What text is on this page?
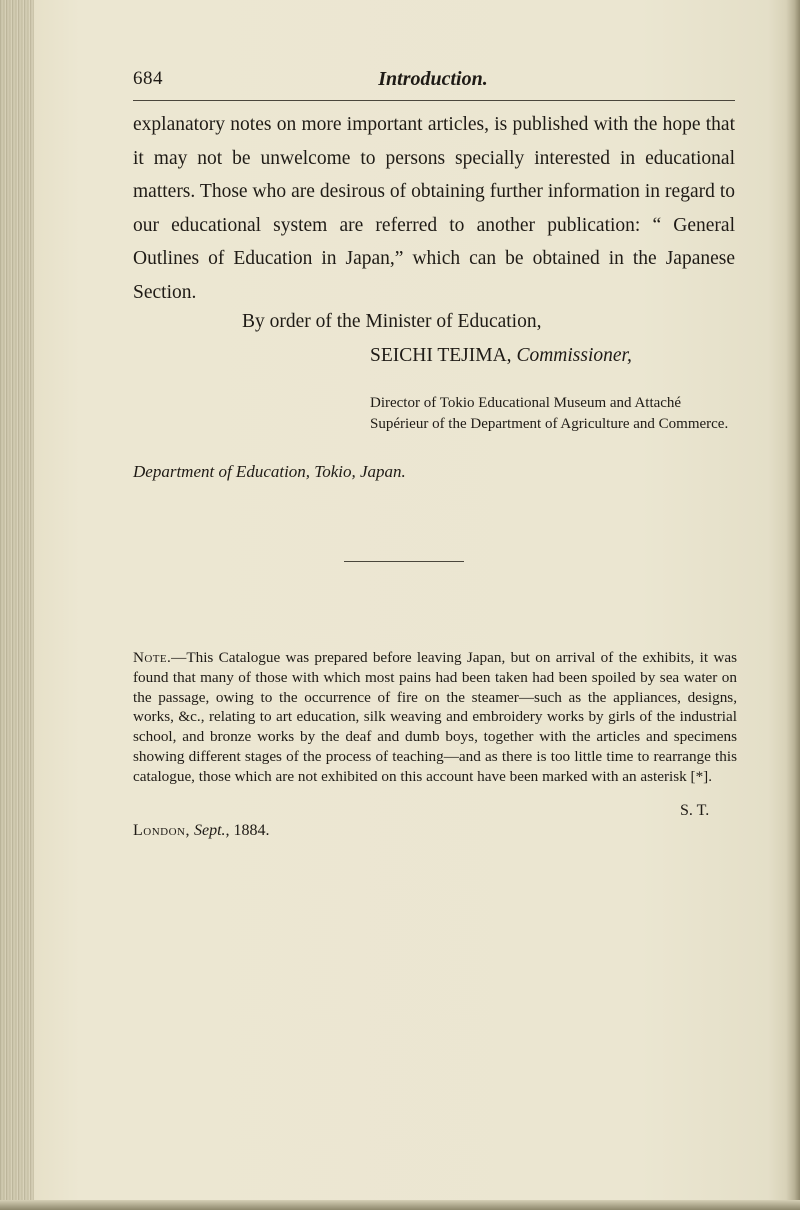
684	Introduction.

explanatory notes on more important articles, is published with the hope that it may not be unwelcome to persons specially interested in educational matters. Those who are desirous of obtaining further information in regard to our educational system are referred to another publication: “ General Outlines of Education in Japan,” which can be obtained in the Japanese Section.

By order of the Minister of Education,

SEICHI TEJIMA, Commissioner,

Director of Tokio Educational Museum and Attaché Supérieur of the Department of Agriculture and Commerce.

Department of Education, Tokio, Japan.

Note.—This Catalogue was prepared before leaving Japan, but on arrival of the exhibits, it was found that many of those with which most pains had been taken had been spoiled by sea water on the passage, owing to the occurrence of fire on the steamer—such as the appliances, designs, works, &c., relating to art education, silk weaving and embroidery works by girls of the industrial school, and bronze works by the deaf and dumb boys, together with the articles and specimens showing different stages of the process of teaching—and as there is too little time to rearrange this catalogue, those which are not exhibited on this account have been marked with an asterisk [*].

S. T.

London, Sept., 1884.
